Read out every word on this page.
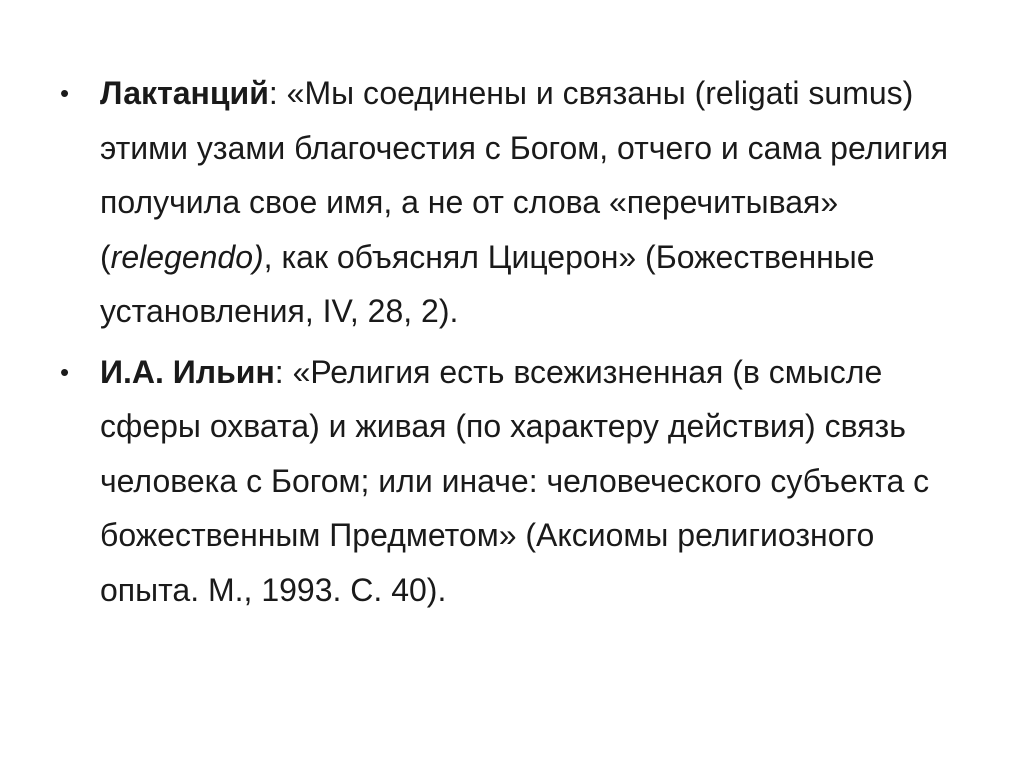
• Лактанций: «Мы соединены и связаны (religati sumus) этими узами благочестия с Богом, отчего и сама религия получила свое имя, а не от слова «перечитывая» (relegendo), как объяснял Цицерон» (Божественные установления, IV, 28, 2).
• И.А. Ильин: «Религия есть всежизненная (в смысле сферы охвата) и живая (по характеру действия) связь человека с Богом; или иначе: человеческого субъекта с божественным Предметом» (Аксиомы религиозного опыта. М., 1993. С. 40).
